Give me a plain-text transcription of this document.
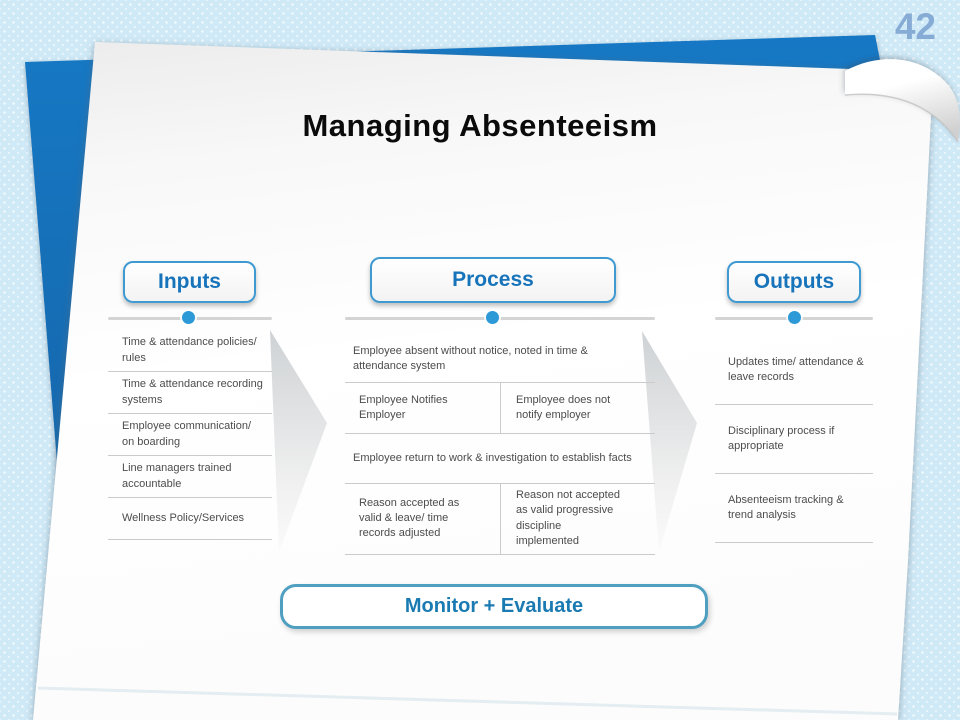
42
Managing Absenteeism
Inputs	Process	Outputs
Time & attendance policies/ rules
Time & attendance recording systems
Employee communication/ on boarding
Line managers trained accountable
Wellness Policy/Services
Employee absent without notice, noted in time & attendance system
Employee Notifies Employer
Employee does not notify employer
Employee return to work & investigation to establish facts
Reason accepted as valid & leave/ time records adjusted
Reason not accepted as valid progressive discipline implemented
Updates time/ attendance & leave records
Disciplinary process if appropriate
Absenteeism tracking & trend analysis
Monitor + Evaluate
